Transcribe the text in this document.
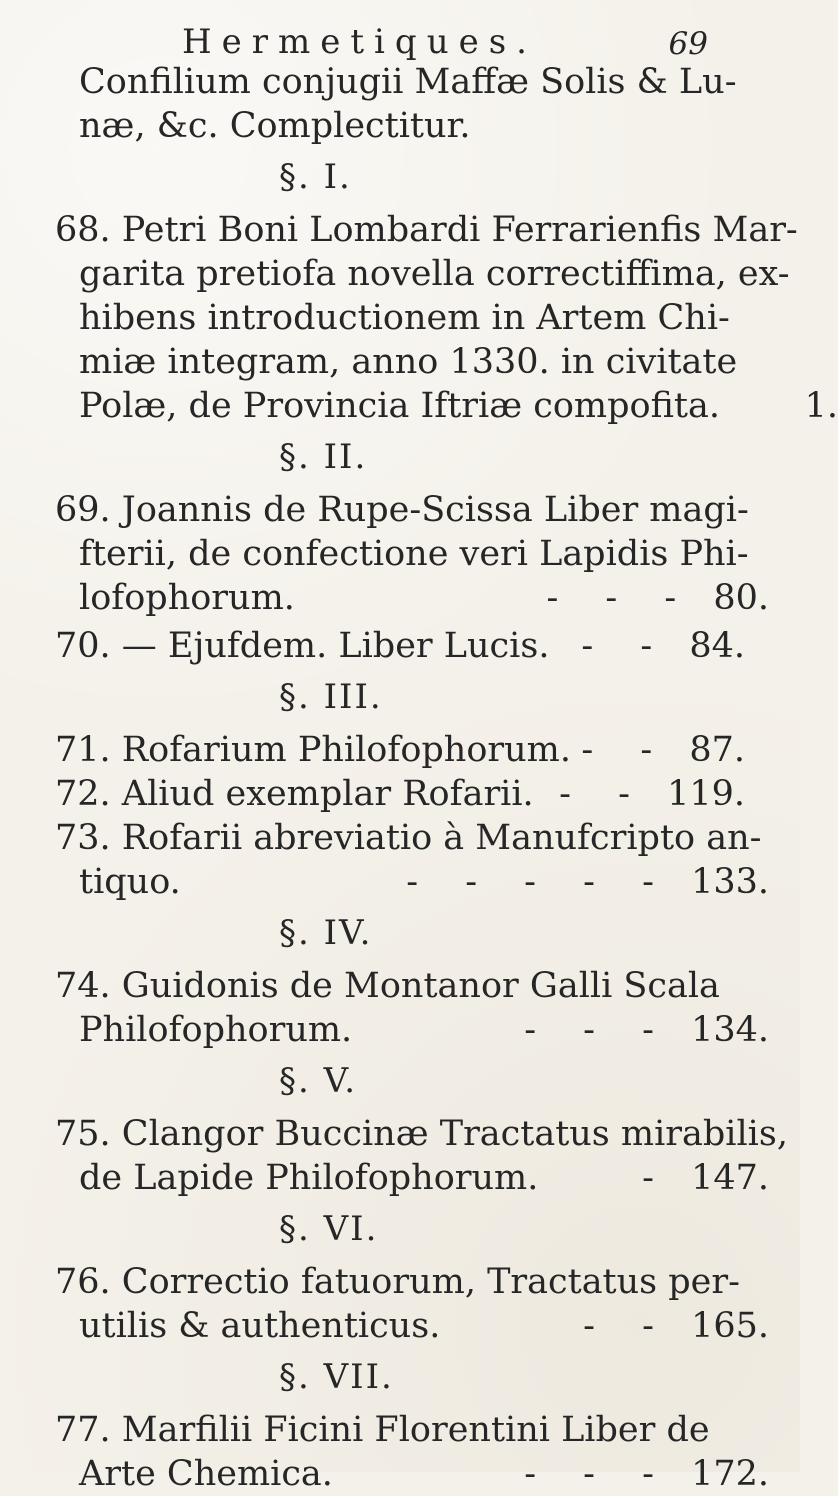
Hermetiques.	69
Confilium conjugii Maffæ Solis & Lu-
næ, &c. Complectitur.
§. I.
68. Petri Boni Lombardi Ferrarienfis Mar-
garita pretiofa novella correctiffima, ex-
hibens introductionem in Artem Chi-
miæ integram, anno 1330. in civitate
Polæ, de Provincia Iftriæ compofita.	1.
§. II.
69. Joannis de Rupe-Scissa Liber magi-
fterii, de confectione veri Lapidis Phi-
lofophorum.	- - - 80.
70. — Ejufdem. Liber Lucis. - - 84.
§. III.
71. Rofarium Philofophorum. - - 87.
72. Aliud exemplar Rofarii. - - 119.
73. Rofarii abreviatio à Manufcripto an-
tiquo.	- - - - - 133.
§. IV.
74. Guidonis de Montanor Galli Scala
Philofophorum.	- - - 134.
§. V.
75. Clangor Buccinæ Tractatus mirabilis,
de Lapide Philofophorum.	- 147.
§. VI.
76. Correctio fatuorum, Tractatus per-
utilis & authenticus.	- - 165.
§. VII.
77. Marfilii Ficini Florentini Liber de
Arte Chemica.	- - - 172.
